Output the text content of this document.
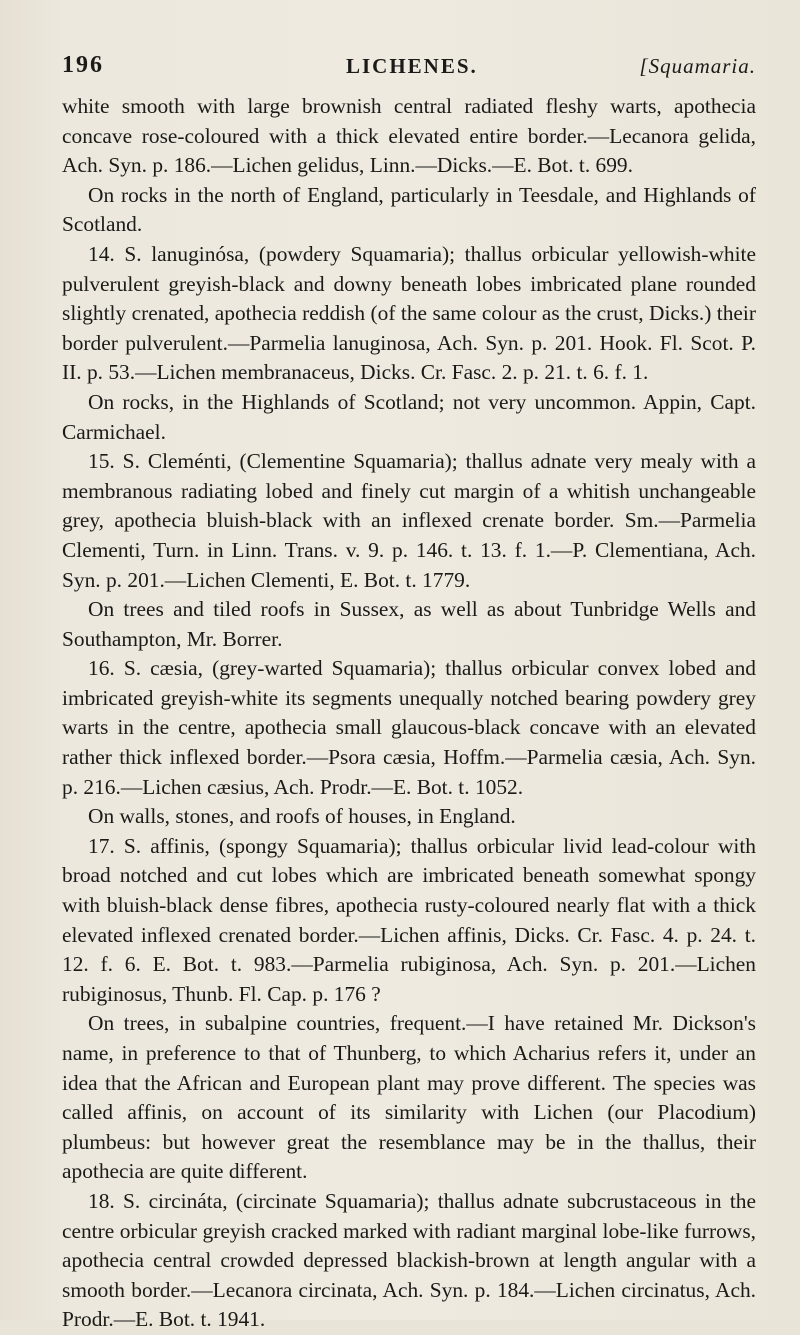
196	LICHENES.	[Squamaria.

white smooth with large brownish central radiated fleshy warts, apothecia concave rose-coloured with a thick elevated entire border.—Lecanora gelida, Ach. Syn. p. 186.—Lichen gelidus, Linn.—Dicks.—E. Bot. t. 699.

On rocks in the north of England, particularly in Teesdale, and Highlands of Scotland.

14. S. lanuginósa, (powdery Squamaria); thallus orbicular yellowish-white pulverulent greyish-black and downy beneath lobes imbricated plane rounded slightly crenated, apothecia reddish (of the same colour as the crust, Dicks.) their border pulverulent.—Parmelia lanuginosa, Ach. Syn. p. 201. Hook. Fl. Scot. P. II. p. 53.—Lichen membranaceus, Dicks. Cr. Fasc. 2. p. 21. t. 6. f. 1.

On rocks, in the Highlands of Scotland; not very uncommon. Appin, Capt. Carmichael.

15. S. Cleménti, (Clementine Squamaria); thallus adnate very mealy with a membranous radiating lobed and finely cut margin of a whitish unchangeable grey, apothecia bluish-black with an inflexed crenate border. Sm.—Parmelia Clementi, Turn. in Linn. Trans. v. 9. p. 146. t. 13. f. 1.—P. Clementiana, Ach. Syn. p. 201.—Lichen Clementi, E. Bot. t. 1779.

On trees and tiled roofs in Sussex, as well as about Tunbridge Wells and Southampton, Mr. Borrer.

16. S. cæsia, (grey-warted Squamaria); thallus orbicular convex lobed and imbricated greyish-white its segments unequally notched bearing powdery grey warts in the centre, apothecia small glaucous-black concave with an elevated rather thick inflexed border.—Psora cæsia, Hoffm.—Parmelia cæsia, Ach. Syn. p. 216.—Lichen cæsius, Ach. Prodr.—E. Bot. t. 1052.

On walls, stones, and roofs of houses, in England.

17. S. affinis, (spongy Squamaria); thallus orbicular livid lead-colour with broad notched and cut lobes which are imbricated beneath somewhat spongy with bluish-black dense fibres, apothecia rusty-coloured nearly flat with a thick elevated inflexed crenated border.—Lichen affinis, Dicks. Cr. Fasc. 4. p. 24. t. 12. f. 6. E. Bot. t. 983.—Parmelia rubiginosa, Ach. Syn. p. 201.—Lichen rubiginosus, Thunb. Fl. Cap. p. 176 ?

On trees, in subalpine countries, frequent.—I have retained Mr. Dickson's name, in preference to that of Thunberg, to which Acharius refers it, under an idea that the African and European plant may prove different. The species was called affinis, on account of its similarity with Lichen (our Placodium) plumbeus: but however great the resemblance may be in the thallus, their apothecia are quite different.

18. S. circináta, (circinate Squamaria); thallus adnate subcrustaceous in the centre orbicular greyish cracked marked with radiant marginal lobe-like furrows, apothecia central crowded depressed blackish-brown at length angular with a smooth border.—Lecanora circinata, Ach. Syn. p. 184.—Lichen circinatus, Ach. Prodr.—E. Bot. t. 1941.
